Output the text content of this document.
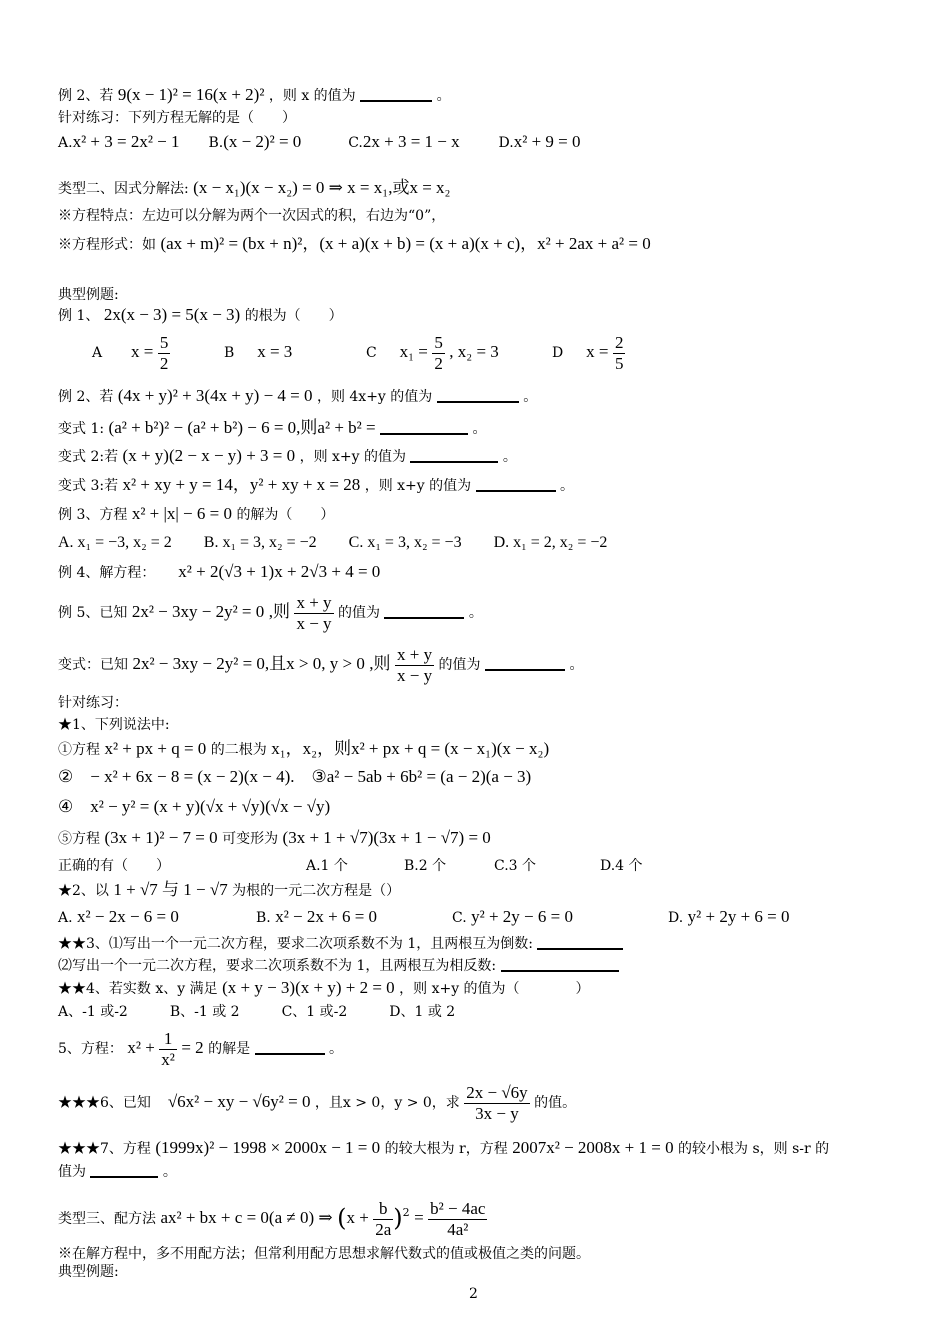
例 2、若 9(x − 1)² = 16(x + 2)² ，则 x 的值为	。
针对练习：下列方程无解的是（　　）
A.x² + 3 = 2x² − 1 B.(x − 2)² = 0	C.2x + 3 = 1 − x	D.x² + 9 = 0
类型二、因式分解法: (x − x₁)(x − x₂) = 0 ⇒ x = x₁,或x = x₂
※方程特点：左边可以分解为两个一次因式的积，右边为“0”，
※方程形式：如 (ax + m)² = (bx + n)²，(x + a)(x + b) = (x + a)(x + c)，x² + 2ax + a² = 0
典型例题:
例 1、 2x(x − 3) = 5(x − 3) 的根为（　　）
A $x = \frac{5}{2}$	B x = 3	C $x_1 = \frac{5}{2}$ , x₂ = 3	D $x = \frac{2}{5}$
例 2、若 (4x + y)² + 3(4x + y) − 4 = 0 ，则 4x+y 的值为	。
变式 1: (a² + b²)² − (a² + b²) − 6 = 0,则a² + b² =	。
变式 2:若 (x + y)(2 − x − y) + 3 = 0 ，则 x+y 的值为	。
变式 3:若 x² + xy + y = 14，y² + xy + x = 28 ，则 x+y 的值为	。
例 3、方程 x² + |x| − 6 = 0 的解为（　　）
A. x₁ = −3, x₂ = 2　　B. x₁ = 3, x₂ = −2　　C. x₁ = 3, x₂ = −3　　D. x₁ = 2, x₂ = −2
例 4、解方程： x² + 2(√3 + 1)x + 2√3 + 4 = 0
例 5、已知 2x² − 3xy − 2y² = 0 ,则 $\frac{x + y}{x - y}$ 的值为	。
变式：已知 2x² − 3xy − 2y² = 0,且x > 0, y > 0 ,则 $\frac{x + y}{x - y}$ 的值为	。
针对练习：
★1、下列说法中:
①方程 x² + px + q = 0 的二根为 x₁，x₂，则x² + px + q = (x − x₁)(x − x₂)
②　− x² + 6x − 8 = (x − 2)(x − 4).　③a² − 5ab + 6b² = (a − 2)(a − 3)
④　x² − y² = (x + y)(√x + √y)(√x − √y)
⑤方程 (3x + 1)² − 7 = 0 可变形为 (3x + 1 + √7)(3x + 1 − √7) = 0
正确的有（　　）	A.1 个	B.2 个	C.3 个	D.4 个
★2、以 1 + √7 与 1 − √7 为根的一元二次方程是（）
A. x² − 2x − 6 = 0	B. x² − 2x + 6 = 0	C. y² + 2y − 6 = 0	D. y² + 2y + 6 = 0
★★3、⑴写出一个一元二次方程，要求二次项系数不为 1，且两根互为倒数:
⑵写出一个一元二次方程，要求二次项系数不为 1，且两根互为相反数:
★★4、若实数 x、y 满足 (x + y − 3)(x + y) + 2 = 0 ，则 x+y 的值为（　　　　）
A、-1 或-2　　　B、-1 或 2　　　C、1 或-2　　　D、1 或 2
5、方程： $x^2 + \frac{1}{\text{x²}} = 2$ 的解是	。
★★★6、已知 √6x² − xy − √6y² = 0 ，且x > 0，y > 0，求 $\frac{2x - √6y}{3x - y}$ 的值。
★★★7、方程 (1999x)² − 1998 × 2000x − 1 = 0 的较大根为 r，方程 2007x² − 2008x + 1 = 0 的较小根为 s，则 s-r 的
值为	。
类型三、配方法 ax² + bx + c = 0(a ≠ 0) ⇒ $(x + \frac{b}{2a} )^2 = \frac{\text{b² − 4ac}}{\text{4a²}}$
※在解方程中，多不用配方法；但常利用配方思想求解代数式的值或极值之类的问题。
典型例题:
2
